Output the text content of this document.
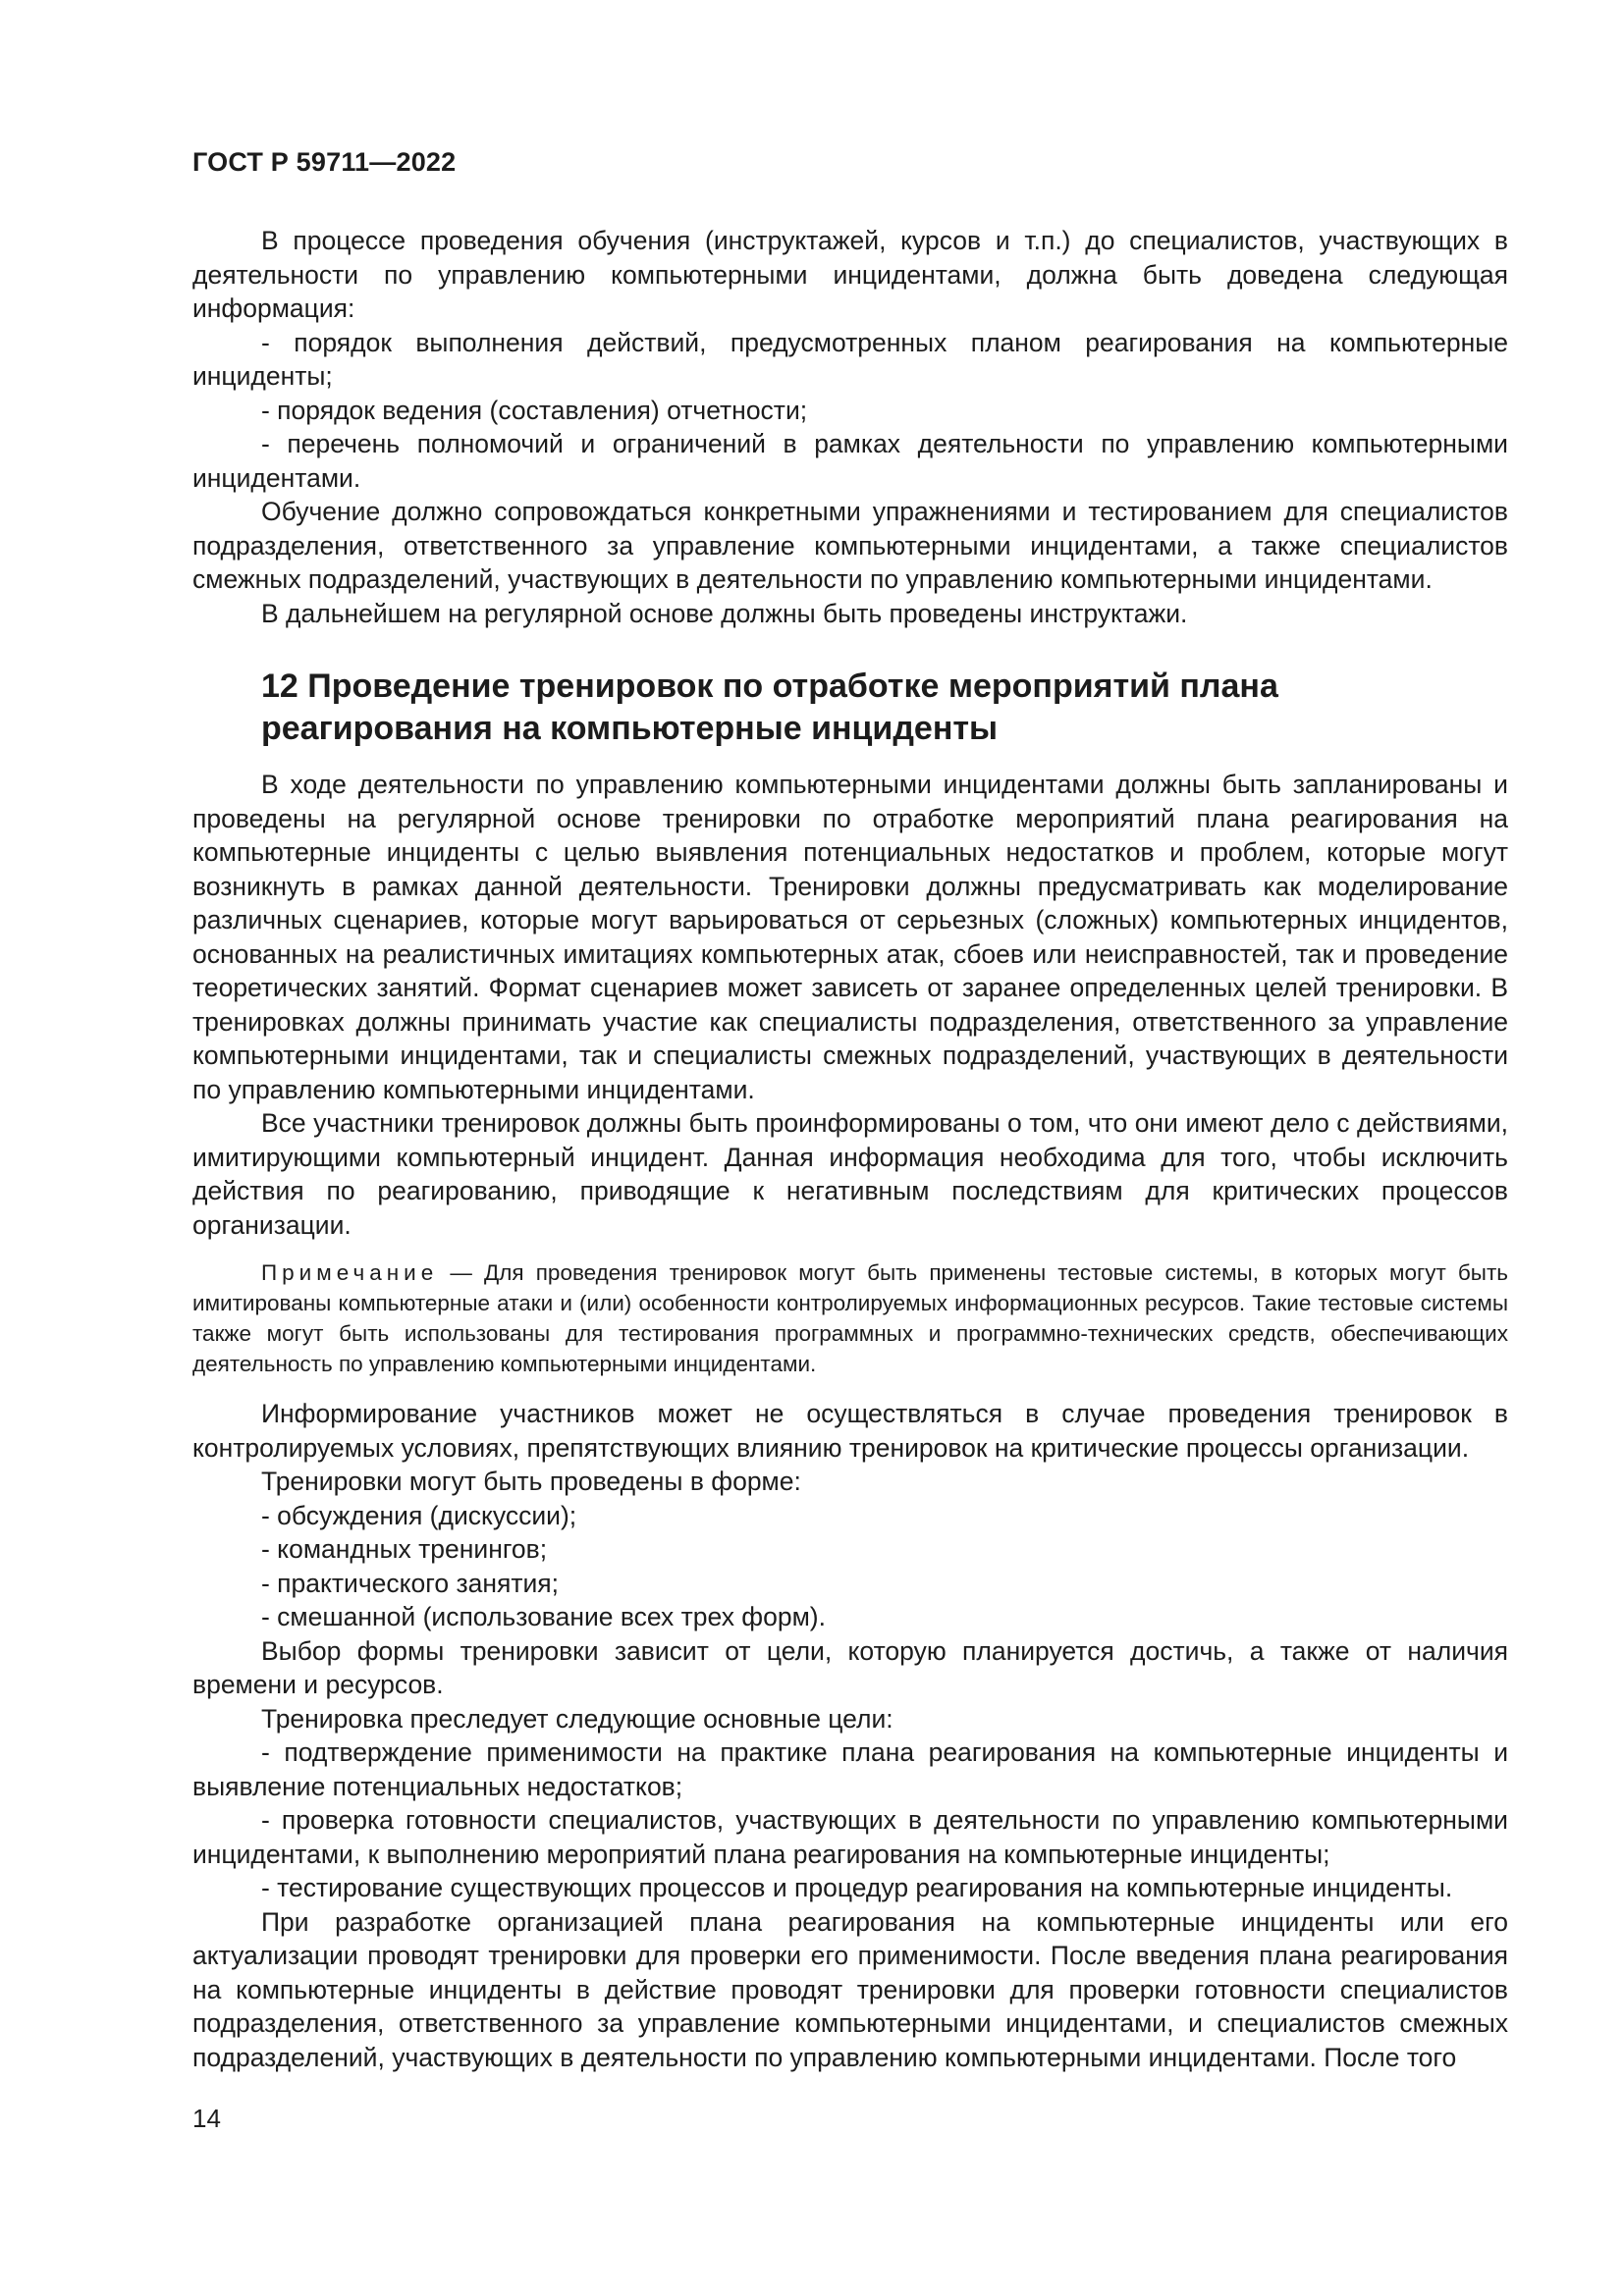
ГОСТ Р 59711—2022

В процессе проведения обучения (инструктажей, курсов и т.п.) до специалистов, участвующих в деятельности по управлению компьютерными инцидентами, должна быть доведена следующая информация:

- порядок выполнения действий, предусмотренных планом реагирования на компьютерные инциденты;

- порядок ведения (составления) отчетности;

- перечень полномочий и ограничений в рамках деятельности по управлению компьютерными инцидентами.

Обучение должно сопровождаться конкретными упражнениями и тестированием для специалистов подразделения, ответственного за управление компьютерными инцидентами, а также специалистов смежных подразделений, участвующих в деятельности по управлению компьютерными инцидентами.

В дальнейшем на регулярной основе должны быть проведены инструктажи.

12 Проведение тренировок по отработке мероприятий плана реагирования на компьютерные инциденты

В ходе деятельности по управлению компьютерными инцидентами должны быть запланированы и проведены на регулярной основе тренировки по отработке мероприятий плана реагирования на компьютерные инциденты с целью выявления потенциальных недостатков и проблем, которые могут возникнуть в рамках данной деятельности. Тренировки должны предусматривать как моделирование различных сценариев, которые могут варьироваться от серьезных (сложных) компьютерных инцидентов, основанных на реалистичных имитациях компьютерных атак, сбоев или неисправностей, так и проведение теоретических занятий. Формат сценариев может зависеть от заранее определенных целей тренировки. В тренировках должны принимать участие как специалисты подразделения, ответственного за управление компьютерными инцидентами, так и специалисты смежных подразделений, участвующих в деятельности по управлению компьютерными инцидентами.

Все участники тренировок должны быть проинформированы о том, что они имеют дело с действиями, имитирующими компьютерный инцидент. Данная информация необходима для того, чтобы исключить действия по реагированию, приводящие к негативным последствиям для критических процессов организации.

Примечание — Для проведения тренировок могут быть применены тестовые системы, в которых могут быть имитированы компьютерные атаки и (или) особенности контролируемых информационных ресурсов. Такие тестовые системы также могут быть использованы для тестирования программных и программно-технических средств, обеспечивающих деятельность по управлению компьютерными инцидентами.

Информирование участников может не осуществляться в случае проведения тренировок в контролируемых условиях, препятствующих влиянию тренировок на критические процессы организации.

Тренировки могут быть проведены в форме:

- обсуждения (дискуссии);

- командных тренингов;

- практического занятия;

- смешанной (использование всех трех форм).

Выбор формы тренировки зависит от цели, которую планируется достичь, а также от наличия времени и ресурсов.

Тренировка преследует следующие основные цели:

- подтверждение применимости на практике плана реагирования на компьютерные инциденты и выявление потенциальных недостатков;

- проверка готовности специалистов, участвующих в деятельности по управлению компьютерными инцидентами, к выполнению мероприятий плана реагирования на компьютерные инциденты;

- тестирование существующих процессов и процедур реагирования на компьютерные инциденты.

При разработке организацией плана реагирования на компьютерные инциденты или его актуализации проводят тренировки для проверки его применимости. После введения плана реагирования на компьютерные инциденты в действие проводят тренировки для проверки готовности специалистов подразделения, ответственного за управление компьютерными инцидентами, и специалистов смежных подразделений, участвующих в деятельности по управлению компьютерными инцидентами. После того

14
